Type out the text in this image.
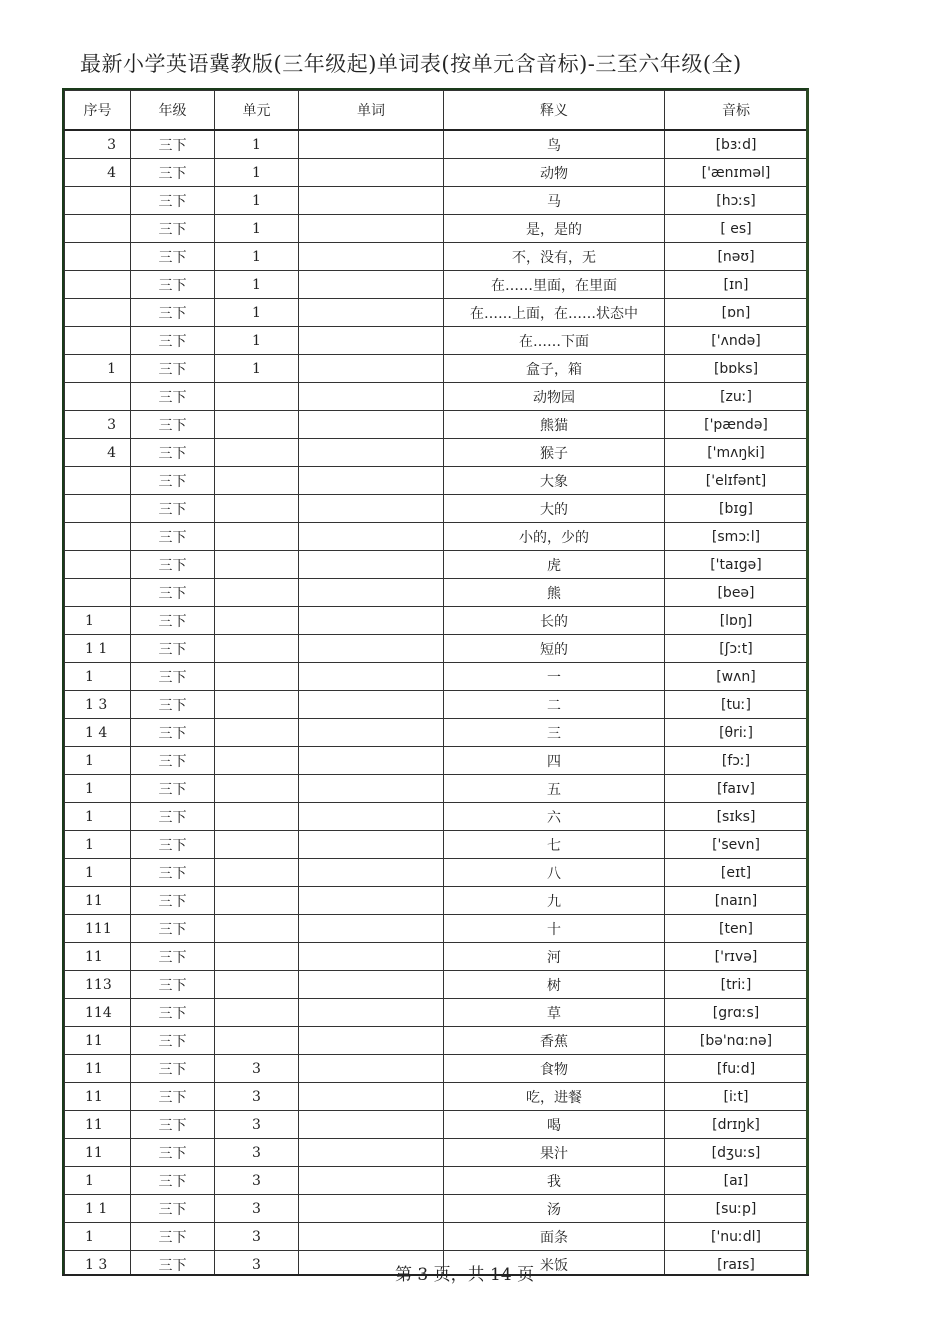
最新小学英语冀教版(三年级起)单词表(按单元含音标)-三至六年级(全)
序号	年级	单元	单词	释义	音标
3	三下	1		鸟	[bɜːd]
4	三下	1		动物	['ænɪməl]
	三下	1		马	[hɔːs]
	三下	1		是，是的	[ es]
	三下	1		不，没有，无	[nəʊ]
	三下	1		在……里面，在里面	[ɪn]
	三下	1		在……上面，在……状态中	[ɒn]
	三下	1		在……下面	['ʌndə]
1	三下	1		盒子，箱	[bɒks]
	三下			动物园	[zuː]
3	三下			熊猫	['pændə]
4	三下			猴子	['mʌŋki]
	三下			大象	['elɪfənt]
	三下			大的	[bɪg]
	三下			小的，少的	[smɔːl]
	三下			虎	['taɪgə]
	三下			熊	[beə]
1	三下			长的	[lɒŋ]
1 1	三下			短的	[ʃɔːt]
1	三下			一	[wʌn]
1 3	三下			二	[tuː]
1 4	三下			三	[θriː]
1	三下			四	[fɔː]
1	三下			五	[faɪv]
1	三下			六	[sɪks]
1	三下			七	['sevn]
1	三下			八	[eɪt]
11	三下			九	[naɪn]
111	三下			十	[ten]
11	三下			河	['rɪvə]
113	三下			树	[triː]
114	三下			草	[grɑːs]
11	三下			香蕉	[bə'nɑːnə]
11	三下	3		食物	[fuːd]
11	三下	3		吃，进餐	[iːt]
11	三下	3		喝	[drɪŋk]
11	三下	3		果汁	[dʒuːs]
1	三下	3		我	[aɪ]
1 1	三下	3		汤	[suːp]
1	三下	3		面条	['nuːdl]
1 3	三下	3		米饭	[raɪs]
第 3 页，共 14 页
